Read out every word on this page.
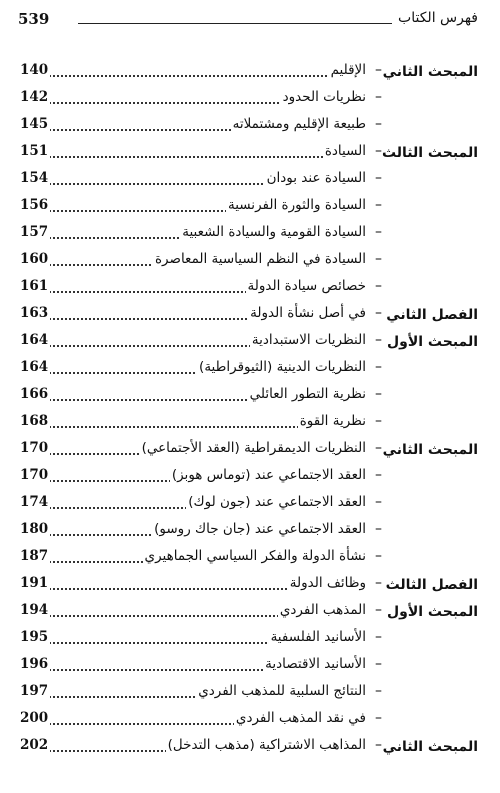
539	فهرس الكتاب
المبحث الثاني
–
الإقليم
140
–
نظريات الحدود
142
–
طبيعة الإقليم ومشتملاته
145
المبحث الثالث
–
السيادة
151
–
السيادة عند بودان
154
–
السيادة والثورة الفرنسية
156
–
السيادة القومية والسيادة الشعبية
157
–
السيادة في النظم السياسية المعاصرة
160
–
خصائص سيادة الدولة
161
الفصل الثاني
–
في أصل نشأة الدولة
163
المبحث الأول
–
النظريات الاستبدادية
164
–
النظريات الدينية (الثيوقراطية)
164
–
نظرية التطور العائلي
166
–
نظرية القوة
168
المبحث الثاني
–
النظريات الديمقراطية (العقد الأجتماعي)
170
–
العقد الاجتماعي عند (توماس هوبز)
170
–
العقد الاجتماعي عند (جون لوك)
174
–
العقد الاجتماعي عند (جان جاك روسو)
180
–
نشأة الدولة والفكر السياسي الجماهيري
187
الفصل الثالث
–
وظائف الدولة
191
المبحث الأول
–
المذهب الفردي
194
–
الأسانيد الفلسفية
195
–
الأسانيد الاقتصادية
196
–
النتائج السلبية للمذهب الفردي
197
–
في نقد المذهب الفردي
200
المبحث الثاني
–
المذاهب الاشتراكية (مذهب التدخل)
202
